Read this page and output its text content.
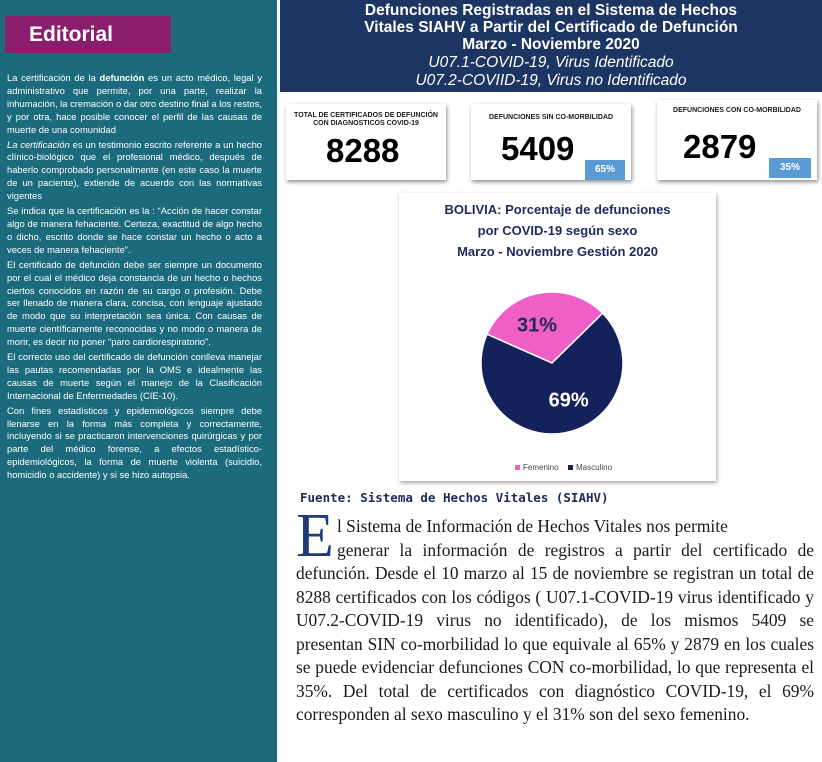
Editorial

La certificación de la defunción es un acto médico, legal y administrativo que permite, por una parte, realizar la inhumación, la cremación o dar otro destino final a los restos, y por otra, hace posible conocer el perfil de las causas de muerte de una comunidad

La certificación es un testimonio escrito referente a un hecho clínico-biológico que el profesional médico, después de haberlo comprobado personalmente (en este caso la muerte de un paciente), extiende de acuerdo con las normativas vigentes

Se indica que la certificación es la : “Acción de hacer constar algo de manera fehaciente. Certeza, exactitud de algo hecho o dicho, escrito donde se hace constar un hecho o acto a veces de manera fehaciente”.

El certificado de defunción debe ser siempre un documento por el cual el médico deja constancia de un hecho o hechos ciertos conocidos en razón de su cargo o profesión. Debe ser llenado de manera clara, concisa, con lenguaje ajustado de modo que su interpretación sea única. Con causas de muerte científicamente reconocidas y no modo o manera de morir, es decir no poner “paro cardiorespiratorio”.

El correcto uso del certificado de defunción conlleva manejar las pautas recomendadas por la OMS e idealmente las causas de muerte según el manejo de la Clasificación Internacional de Enfermedades (CIE-10).

Con fines estadísticos y epidemiológicos siempre debe llenarse en la forma más completa y correctamente, incluyendo si se practicaron intervenciones quirúrgicas y por parte del médico forense, a efectos estadístico-epidemiológicos, la forma de muerte violenta (suicidio, homicidio o accidente) y si se hizo autopsia.

Defunciones Registradas en el Sistema de Hechos
Vitales SIAHV a Partir del Certificado de Defunción
Marzo - Noviembre 2020
U07.1-COVID-19, Virus Identificado
U07.2-COVIID-19, Virus no Identificado
TOTAL DE CERTIFICADOS DE DEFUNCIÓN CON DIAGNOSTICOS COVID-19
8288
DEFUNCIONES SIN CO-MORBILIDAD
5409
65%
DEFUNCIONES CON CO-MORBILIDAD
2879
35%
BOLIVIA: Porcentaje de defunciones
por COVID-19 según sexo
Marzo - Noviembre Gestión 2020
31%
69%
Femenino Masculino
Fuente: Sistema de Hechos Vitales (SIAHV)
E l Sistema de Información de Hechos Vitales nos permite
generar la información de registros a partir del certificado de defunción. Desde el 10 marzo al 15 de noviembre se registran un total de 8288 certificados con los códigos ( U07.1-COVID-19 virus identificado y U07.2-COVID-19 virus no identificado), de los mismos 5409 se presentan SIN co-morbilidad lo que equivale al 65% y 2879 en los cuales se puede evidenciar defunciones CON co-morbilidad, lo que representa el 35%. Del total de certificados con diagnóstico COVID-19, el 69% corresponden al sexo masculino y el 31% son del sexo femenino.
